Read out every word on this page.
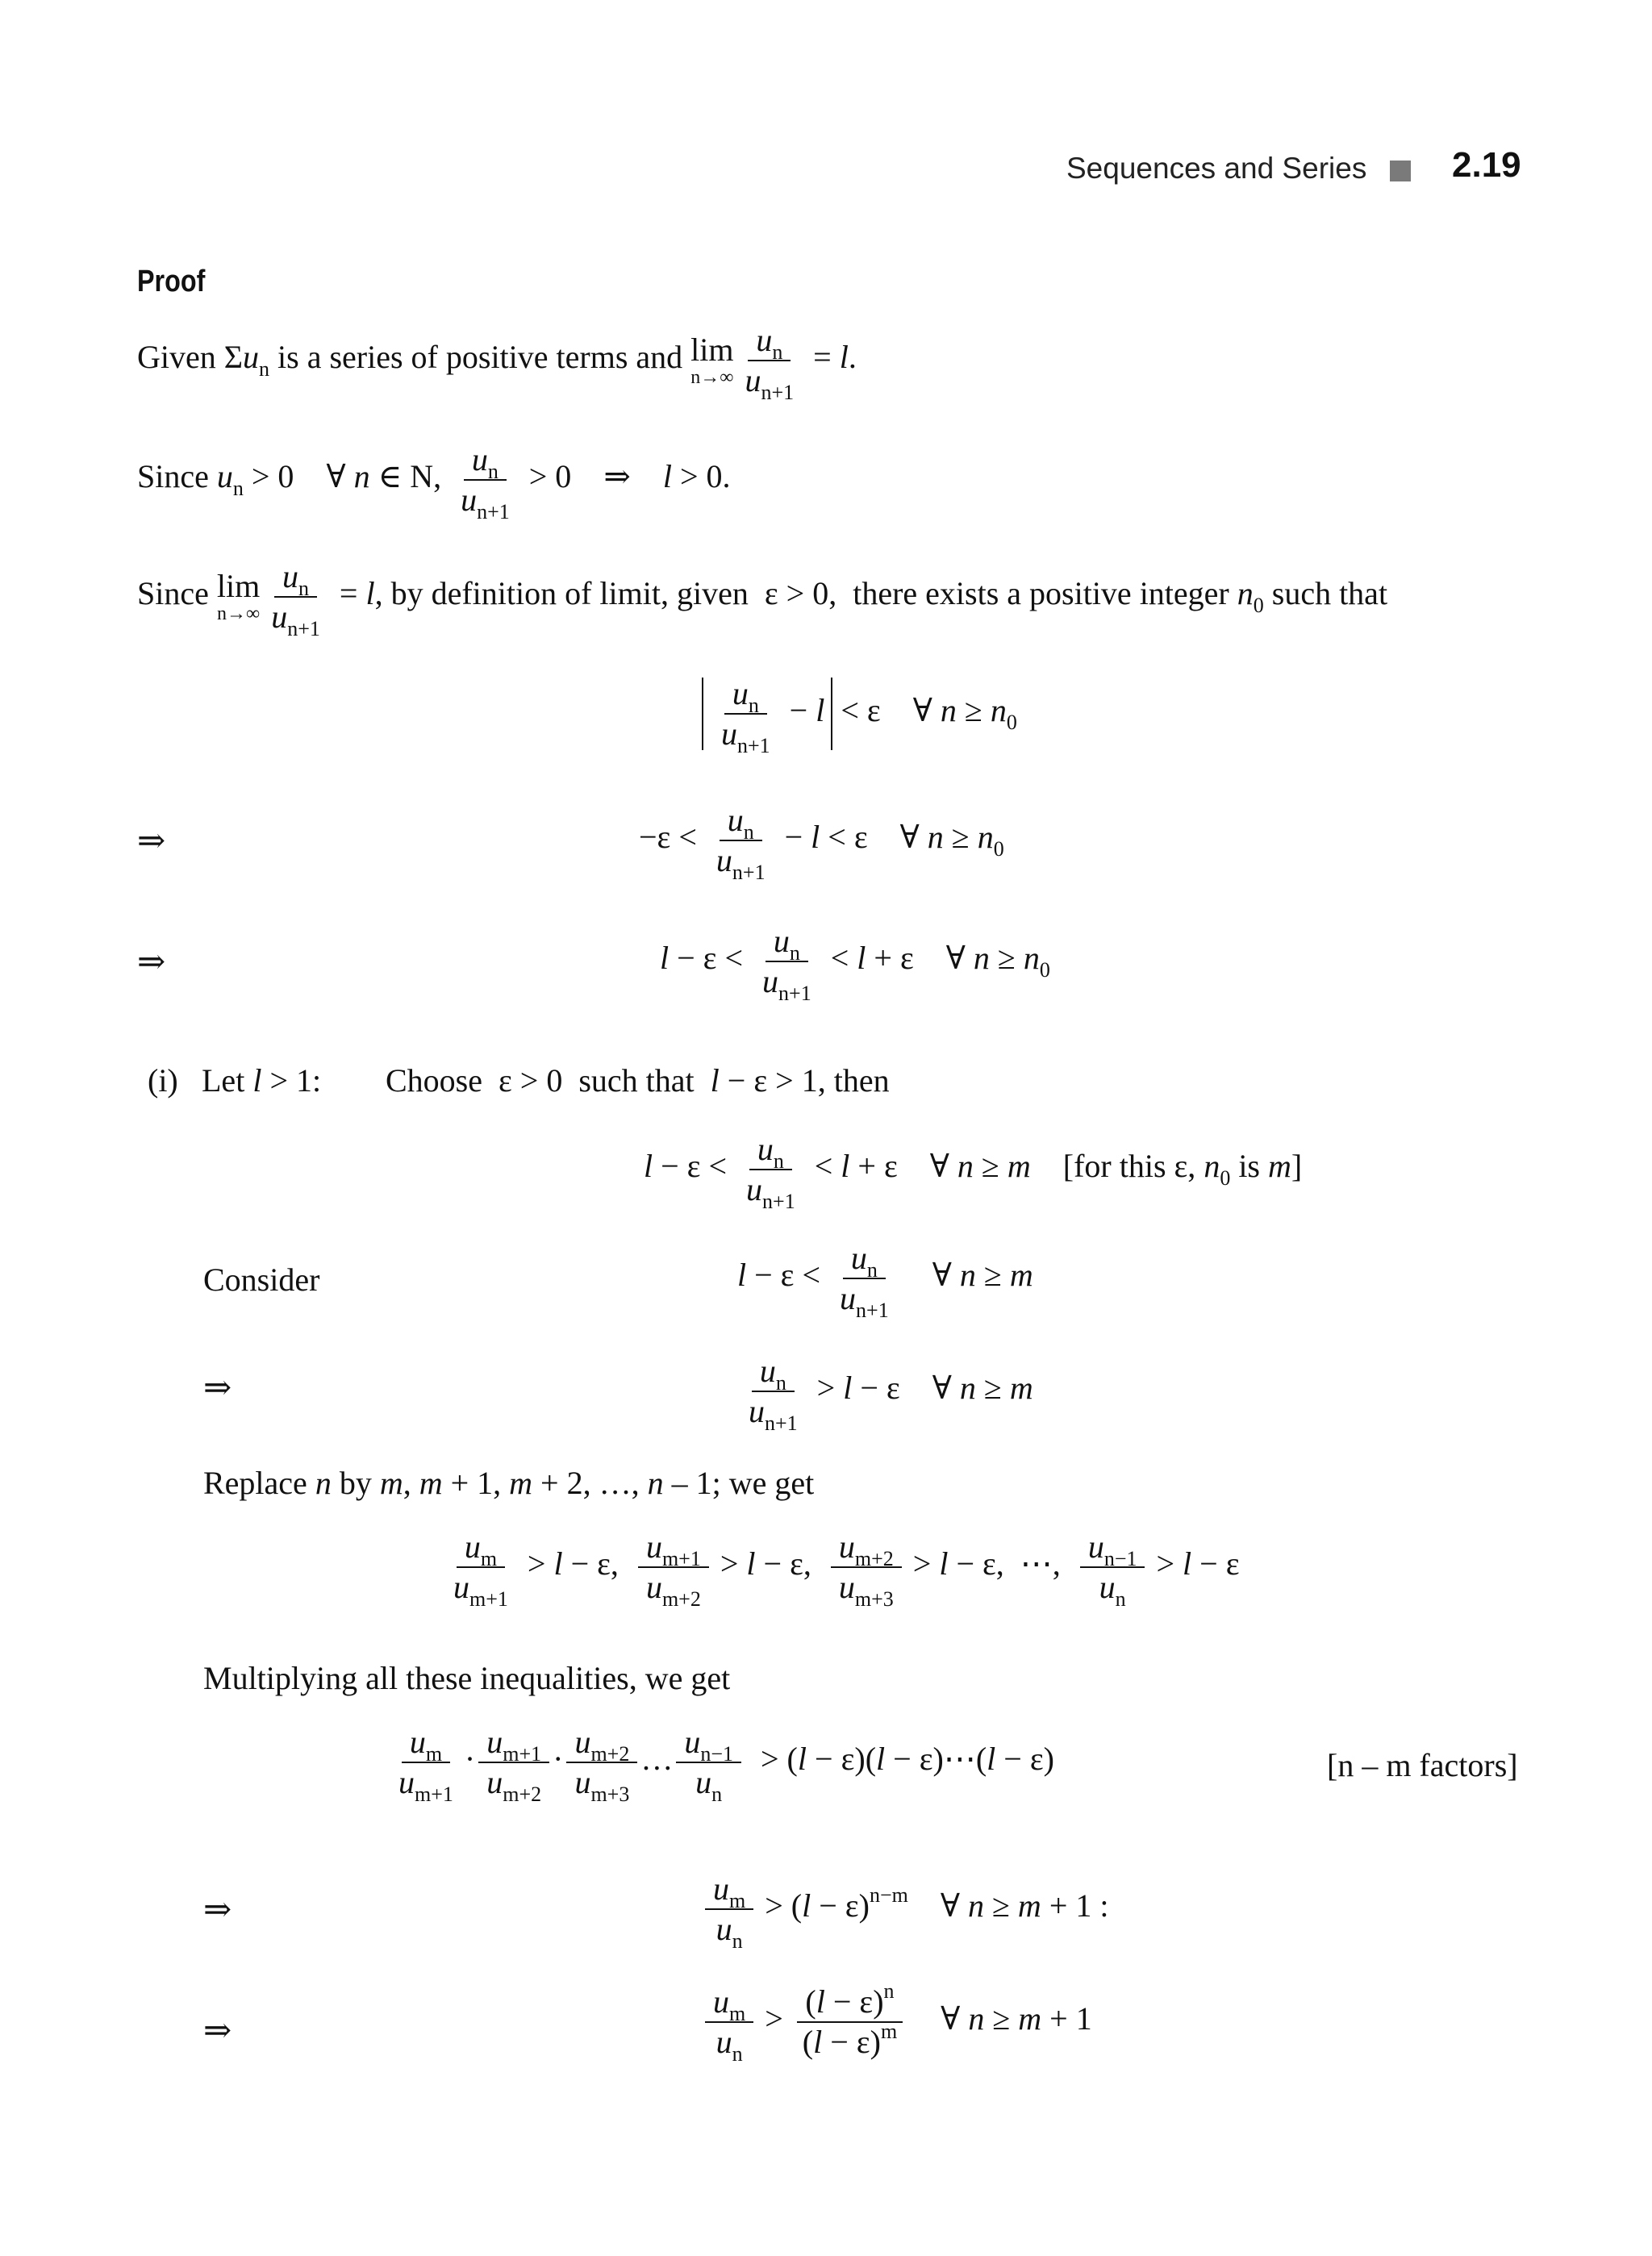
Sequences and Series 2.19
Proof
Given $\Sigma u_n$ is a series of positive terms and lim
$n\to\infty \frac{u_n}{u_{n+1}} = l$.
Since $u_n > 0$    ∀ n ∈ N, $\frac{u_n}{u_{n+1}} > 0$    ⇒ l > 0.
Since lim
$n\to\infty \frac{u_n}{u_{n+1}} = l$, by definition of limit, given  ε > 0,  there exists a positive integer $n_0$ such that
$\frac{u_n}{u_{n+1}} - l < \varepsilon$    ∀ $n \ge n_0$
⇒	$-\varepsilon < \frac{u_n}{u_{n+1}} - l < \varepsilon$    ∀ $n \ge n_0$
⇒	$l - \varepsilon < \frac{u_n}{u_{n+1}} < l + \varepsilon$    ∀ $n \ge n_0$
(i) Let l > 1: Choose  ε > 0  such that l − ε > 1, then
$l - \varepsilon < \frac{u_n}{u_{n+1}} < l + \varepsilon$    ∀ n ≥ m [for this ε, $n_0$ is m]
Consider	$l - \varepsilon < \frac{u_n}{u_{n+1}}$ ∀ n ≥ m
⇒	$\frac{u_n}{u_{n+1}} > l - \varepsilon$    ∀ n ≥ m
Replace n by m, m + 1, m + 2, …, n – 1; we get
$\frac{u_m}{u_{m+1}} > l - \varepsilon$, $\frac{u_{m+1}}{u_{m+2}} > l - \varepsilon$, $\frac{u_{m+2}}{u_{m+3}} > l - \varepsilon$,  ⋯, $\frac{u_{n-1}}{u_n} > l - \varepsilon$
Multiplying all these inequalities, we get
$\frac{u_m}{u_{m+1}} \cdot \frac{u_{m+1}}{u_{m+2}} \cdot \frac{u_{m+2}}{u_{m+3}}$ … $\frac{u_{n-1}}{u_n} > (l - \varepsilon)(l$ − ε)⋯(l − ε)	[n – m factors]
⇒	$\frac{u_m}{u_n} > (l - \varepsilon)^{n-m}$    ∀ n ≥ m + 1 :
⇒	$\frac{u_m}{u_n} > \frac{(l - \varepsilon)^n}{(l - \varepsilon)^m}$ ∀ n ≥ m + 1
